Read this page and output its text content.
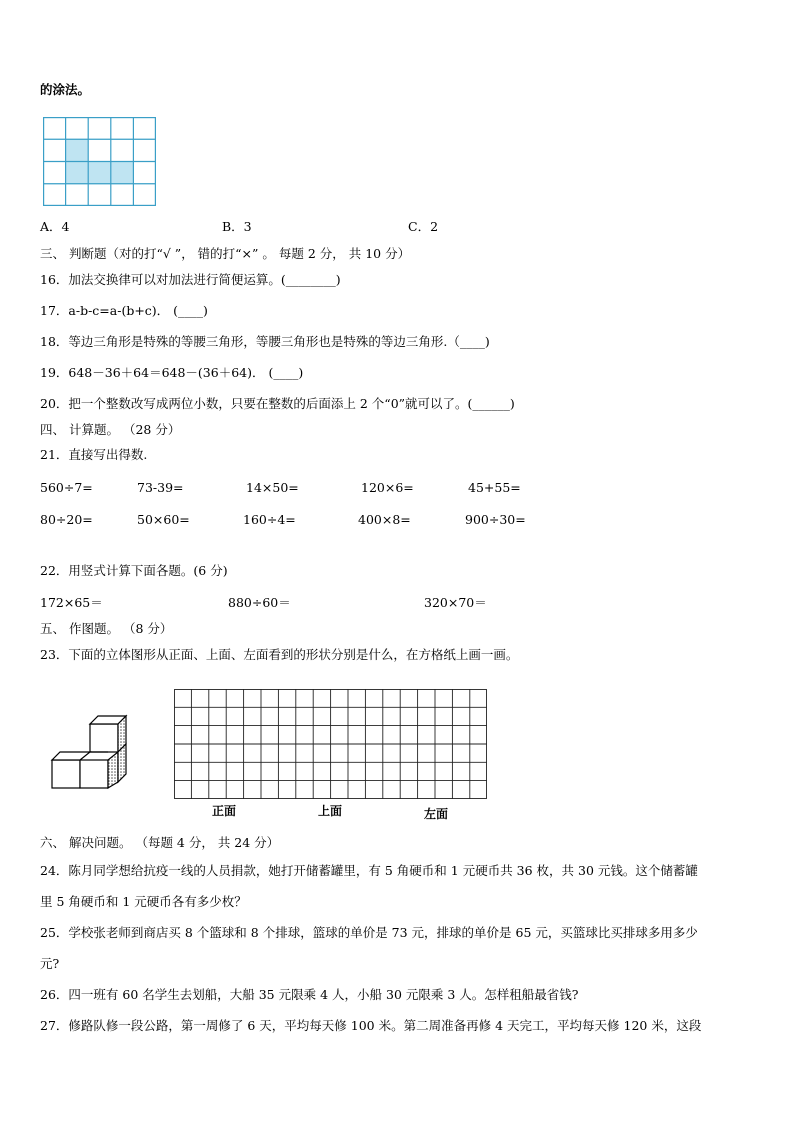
的涂法。
A．4	B．3	C．2
三、 判断题（对的打“√ ”， 错的打“×” 。 每题 2 分， 共 10 分）
16．加法交换律可以对加法进行简便运算。(________)
17．a-b-c=a-(b+c)． (____)
18．等边三角形是特殊的等腰三角形，等腰三角形也是特殊的等边三角形.（____)
19．648－36＋64＝648－(36＋64)． (____)
20．把一个整数改写成两位小数，只要在整数的后面添上 2 个“0”就可以了。(______)
四、 计算题。 （28 分）
21．直接写出得数.
560÷7=	73-39=	14×50=	120×6=	45+55=
80÷20=	50×60=	160÷4=	400×8=	900÷30=
22．用竖式计算下面各题。(6 分)
172×65＝	880÷60＝	320×70＝
五、 作图题。 （8 分）
23．下面的立体图形从正面、上面、左面看到的形状分别是什么，在方格纸上画一画。
正面	上面	左面
六、 解决问题。 （每题 4 分， 共 24 分）
24．陈月同学想给抗疫一线的人员捐款，她打开储蓄罐里，有 5 角硬币和 1 元硬币共 36 枚，共 30 元钱。这个储蓄罐
里 5 角硬币和 1 元硬币各有多少枚？
25．学校张老师到商店买 8 个篮球和 8 个排球，篮球的单价是 73 元，排球的单价是 65 元，买篮球比买排球多用多少
元?
26．四一班有 60 名学生去划船，大船 35 元限乘 4 人，小船 30 元限乘 3 人。怎样租船最省钱?
27．修路队修一段公路，第一周修了 6 天，平均每天修 100 米。第二周准备再修 4 天完工，平均每天修 120 米，这段
